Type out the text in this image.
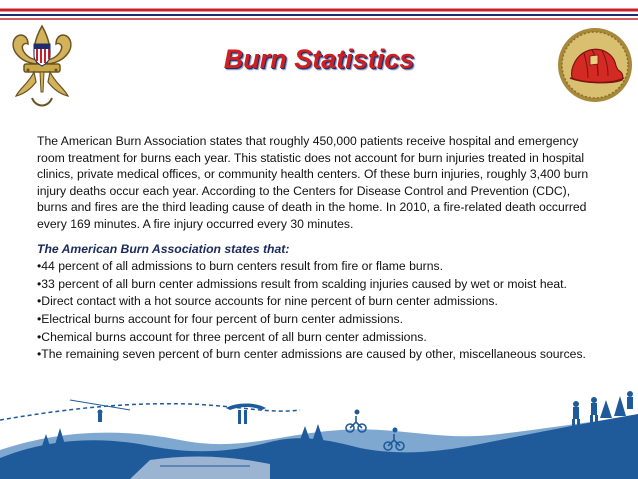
Burn Statistics

The American Burn Association states that roughly 450,000 patients receive hospital and emergency room treatment for burns each year. This statistic does not account for burn injuries treated in hospital clinics, private medical offices, or community health centers. Of these burn injuries, roughly 3,400 burn injury deaths occur each year. According to the Centers for Disease Control and Prevention (CDC), burns and fires are the third leading cause of death in the home. In 2010, a fire-related death occurred every 169 minutes. A fire injury occurred every 30 minutes.

The American Burn Association states that:

•44 percent of all admissions to burn centers result from fire or flame burns.

•33 percent of all burn center admissions result from scalding injuries caused by wet or moist heat.

•Direct contact with a hot source accounts for nine percent of burn center admissions.

•Electrical burns account for four percent of burn center admissions.

•Chemical burns account for three percent of all burn center admissions.

•The remaining seven percent of burn center admissions are caused by other, miscellaneous sources.
